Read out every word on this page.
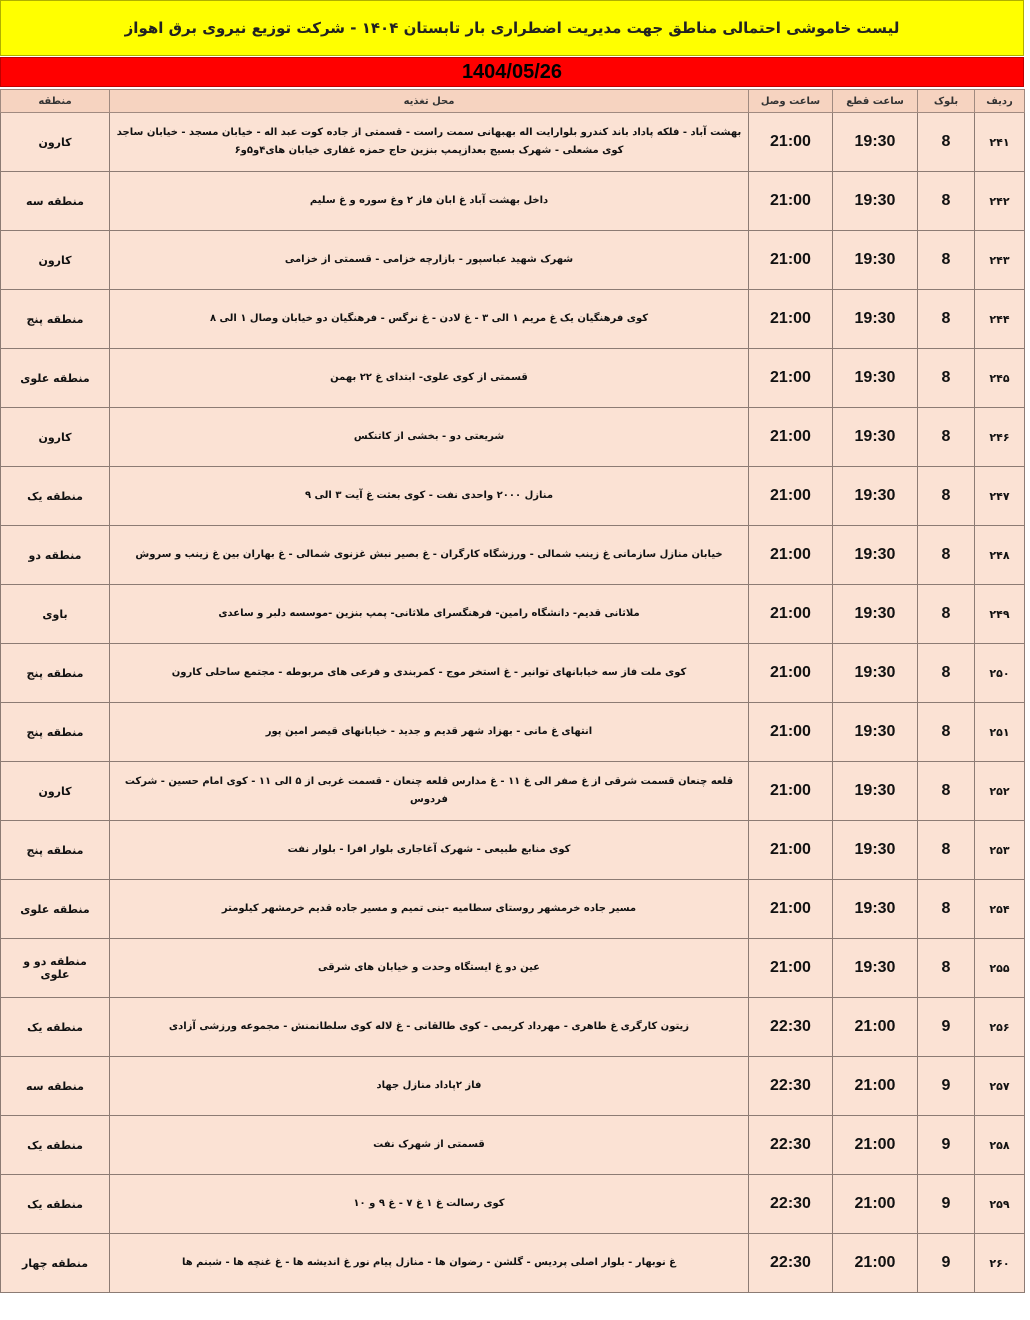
لیست خاموشی احتمالی مناطق جهت مدیریت اضطراری بار تابستان ۱۴۰۴ - شرکت توزیع نیروی برق اهواز
1404/05/26
ردیف	بلوک	ساعت قطع	ساعت وصل	محل تغذیه	منطقه
۲۴۱	8	19:30	21:00	بهشت آباد - فلکه پاداد باند کندرو بلوارایت اله بهبهانی سمت راست - قسمتی از جاده کوت عبد اله - خیابان مسجد - خیابان ساجد کوی مشعلی - شهرک بسیج بعدازپمپ بنزین حاج حمزه غفاری خیابان های۴و۵و۶	کارون
۲۴۲	8	19:30	21:00	داخل بهشت آباد غ ابان فاز ۲ وغ سوره و غ سلیم	منطقه سه
۲۴۳	8	19:30	21:00	شهرک شهید عباسپور - بازارچه خزامی - قسمتی از خزامی	کارون
۲۴۴	8	19:30	21:00	کوی فرهنگیان یک غ مریم ۱ الی ۳ - غ لادن - غ نرگس - فرهنگیان دو خیابان وصال ۱ الی ۸	منطقه پنج
۲۴۵	8	19:30	21:00	قسمتی از کوی علوی- ابتدای غ ۲۲ بهمن	منطقه علوی
۲۴۶	8	19:30	21:00	شریعتی دو - بخشی از کاتنکس	کارون
۲۴۷	8	19:30	21:00	منازل ۲۰۰۰ واحدی نفت - کوی بعثت غ آیت ۳ الی ۹	منطقه یک
۲۴۸	8	19:30	21:00	خیابان منازل سازمانی غ زینب شمالی - ورزشگاه کارگران - غ بصیر نبش غزنوی شمالی - غ بهاران بین غ زینب و سروش	منطقه دو
۲۴۹	8	19:30	21:00	ملاثانی قدیم- دانشگاه رامین- فرهنگسرای ملاثانی- پمپ بنزین -موسسه دلبر و ساعدی	باوی
۲۵۰	8	19:30	21:00	کوی ملت فاز سه خیابانهای توانیر - غ استخر موج - کمربندی و فرعی های مربوطه - مجتمع ساحلی کارون	منطقه پنج
۲۵۱	8	19:30	21:00	انتهای غ مانی - بهزاد شهر قدیم و جدید - خیابانهای قیصر امین پور	منطقه پنج
۲۵۲	8	19:30	21:00	قلعه چنعان قسمت شرقی از غ صفر الی غ ۱۱ - غ مدارس قلعه چنعان - قسمت غربی از ۵ الی ۱۱ - کوی امام حسین - شرکت فردوس	کارون
۲۵۳	8	19:30	21:00	کوی منابع طبیعی - شهرک آغاجاری بلوار افرا - بلوار نفت	منطقه پنج
۲۵۴	8	19:30	21:00	مسیر جاده خرمشهر روستای سطامیه -بنی تمیم و مسیر جاده قدیم خرمشهر کیلومتر	منطقه علوی
۲۵۵	8	19:30	21:00	عین دو غ ایستگاه وحدت و خیابان های شرقی	منطقه دو و علوی
۲۵۶	9	21:00	22:30	زیتون کارگری غ طاهری - مهرداد کریمی - کوی طالقانی - غ لاله کوی سلطانمنش - مجموعه ورزشی آزادی	منطقه یک
۲۵۷	9	21:00	22:30	فاز ۲پاداد منازل جهاد	منطقه سه
۲۵۸	9	21:00	22:30	قسمتی از شهرک نفت	منطقه یک
۲۵۹	9	21:00	22:30	کوی رسالت غ ۱ غ ۷ - غ ۹ و ۱۰	منطقه یک
۲۶۰	9	21:00	22:30	غ نوبهار - بلوار اصلی پردیس - گلشن - رضوان ها - منازل پیام نور غ اندیشه ها - غ غنچه ها - شبنم ها	منطقه چهار
